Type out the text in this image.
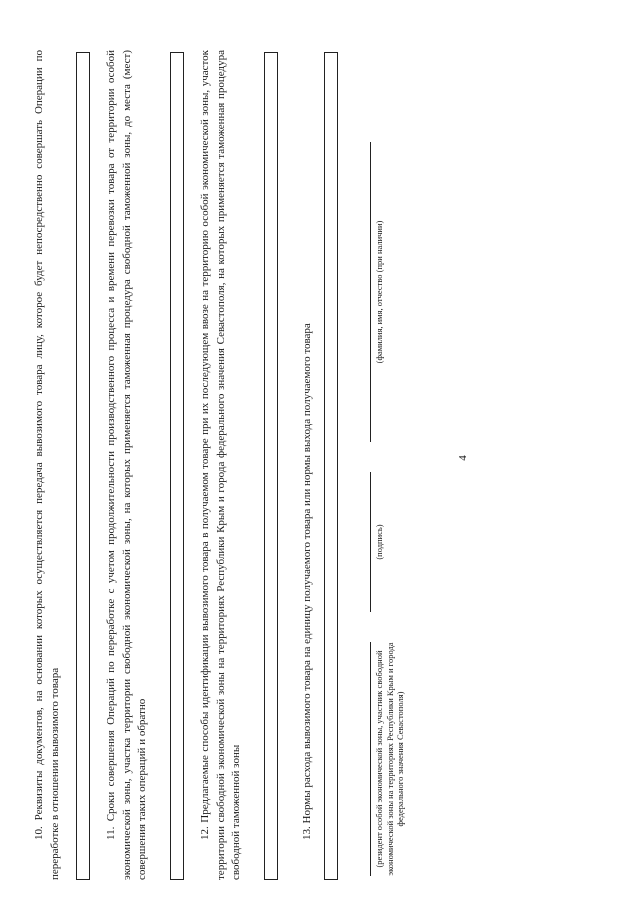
4

10. Реквизиты документов, на основании которых осуществляется передача вывозимого товара лицу, которое будет непосредственно совершать Операции по переработке в отношении вывозимого товара	11. Сроки совершения Операций по переработке с учетом продолжительности производственного процесса и времени перевозки товара от территории особой экономической зоны, участка территории свободной экономической зоны, на которых применяется таможенная процедура свободной таможенной зоны, до места (мест) совершения таких операций и обратно	12. Предлагаемые способы идентификации вывозимого товара в получаемом товаре при их последующем ввозе на территорию особой экономической зоны, участок территории свободной экономической зоны на территориях Республики Крым и города федерального значения Севастополя, на которых применяется таможенная процедура свободной таможенной зоны	13. Нормы расхода вывозимого товара на единицу получаемого товара или нормы выхода получаемого товара	(резидент особой экономической зоны, участник свободной экономической зоны на территориях Республики Крым и города федерального значения Севастополя)
(подпись)
(фамилия, имя, отчество (при наличии)
